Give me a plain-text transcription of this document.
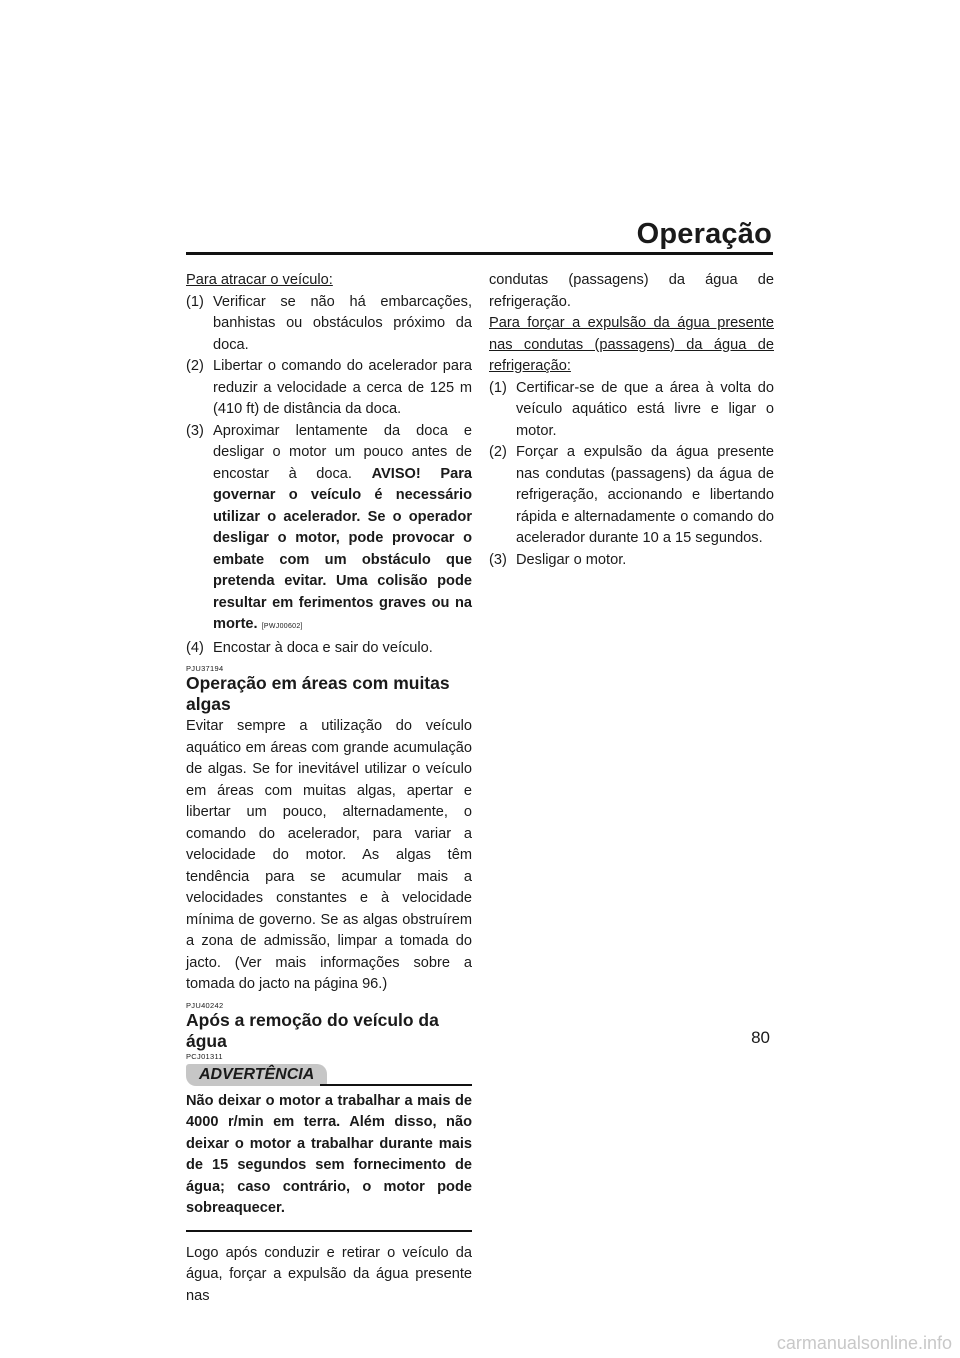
Operação

Para atracar o veículo:

(1) Verificar se não há embarcações, banhistas ou obstáculos próximo da doca.
(2) Libertar o comando do acelerador para reduzir a velocidade a cerca de 125 m (410 ft) de distância da doca.
(3) Aproximar lentamente da doca e desligar o motor um pouco antes de encostar à doca. AVISO! Para governar o veículo é necessário utilizar o acelerador. Se o operador desligar o motor, pode provocar o embate com um obstáculo que pretenda evitar. Uma colisão pode resultar em ferimentos graves ou na morte. [PWJ00602]
(4) Encostar à doca e sair do veículo.
PJU37194
Operação em áreas com muitas algas

Evitar sempre a utilização do veículo aquático em áreas com grande acumulação de algas. Se for inevitável utilizar o veículo em áreas com muitas algas, apertar e libertar um pouco, alternadamente, o comando do acelerador, para variar a velocidade do motor. As algas têm tendência para se acumular mais a velocidades constantes e à velocidade mínima de governo. Se as algas obstruírem a zona de admissão, limpar a tomada do jacto. (Ver mais informações sobre a tomada do jacto na página 96.)

PJU40242
Após a remoção do veículo da água
PCJ01311
ADVERTÊNCIA

Não deixar o motor a trabalhar a mais de 4000 r/min em terra. Além disso, não deixar o motor a trabalhar durante mais de 15 segundos sem fornecimento de água; caso contrário, o motor pode sobreaquecer.

Logo após conduzir e retirar o veículo da água, forçar a expulsão da água presente nas

condutas (passagens) da água de refrigeração.

Para forçar a expulsão da água presente nas condutas (passagens) da água de refrigeração:

(1) Certificar-se de que a área à volta do veículo aquático está livre e ligar o motor.
(2) Forçar a expulsão da água presente nas condutas (passagens) da água de refrigeração, accionando e libertando rápida e alternadamente o comando do acelerador durante 10 a 15 segundos.
(3) Desligar o motor.
80
carmanualsonline.info
